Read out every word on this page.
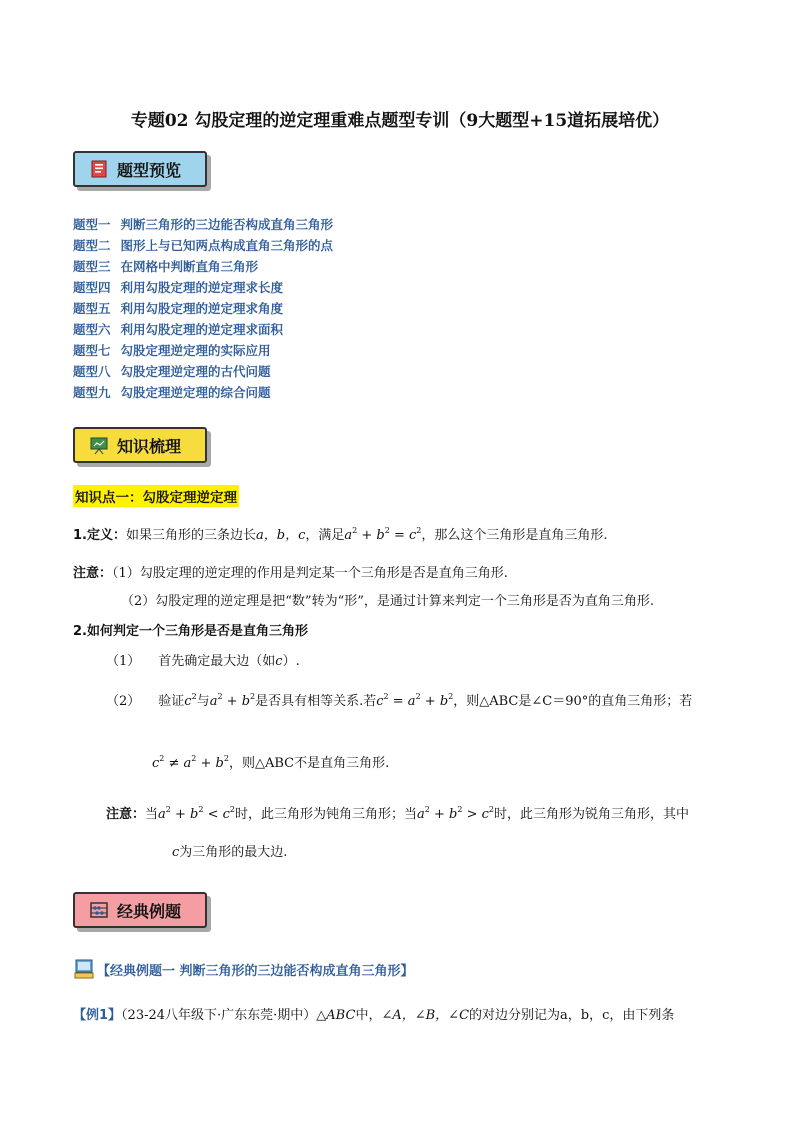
专题02 勾股定理的逆定理重难点题型专训（9大题型+15道拓展培优）
题型预览
题型一 判断三角形的三边能否构成直角三角形
题型二 图形上与已知两点构成直角三角形的点
题型三 在网格中判断直角三角形
题型四 利用勾股定理的逆定理求长度
题型五 利用勾股定理的逆定理求角度
题型六 利用勾股定理的逆定理求面积
题型七 勾股定理逆定理的实际应用
题型八 勾股定理逆定理的古代问题
题型九 勾股定理逆定理的综合问题
知识梳理
知识点一：勾股定理逆定理
1.定义：如果三角形的三条边长a，b，c，满足$a^2 + b^2 = c^2$，那么这个三角形是直角三角形.
注意：（1）勾股定理的逆定理的作用是判定某一个三角形是否是直角三角形.
（2）勾股定理的逆定理是把“数”转为“形”，是通过计算来判定一个三角形是否为直角三角形.
2.如何判定一个三角形是否是直角三角形
（1） 首先确定最大边（如c）.
（2） 验证$c^2$与$a^2 + b^2$是否具有相等关系.若$c^2 = a^2 + b^2$，则△ABC是∠C＝90°的直角三角形；若
$c^2 \ne a^2 + b^2$，则△ABC不是直角三角形.
注意：当$a^2 + b^2 < c^2$时，此三角形为钝角三角形；当$a^2 + b^2 > c^2$时，此三角形为锐角三角形，其中
c为三角形的最大边.
经典例题
【经典例题一 判断三角形的三边能否构成直角三角形】
【例1】（23-24八年级下·广东东莞·期中）△ABC中，∠A，∠B，∠C的对边分别记为a，b，c，由下列条
